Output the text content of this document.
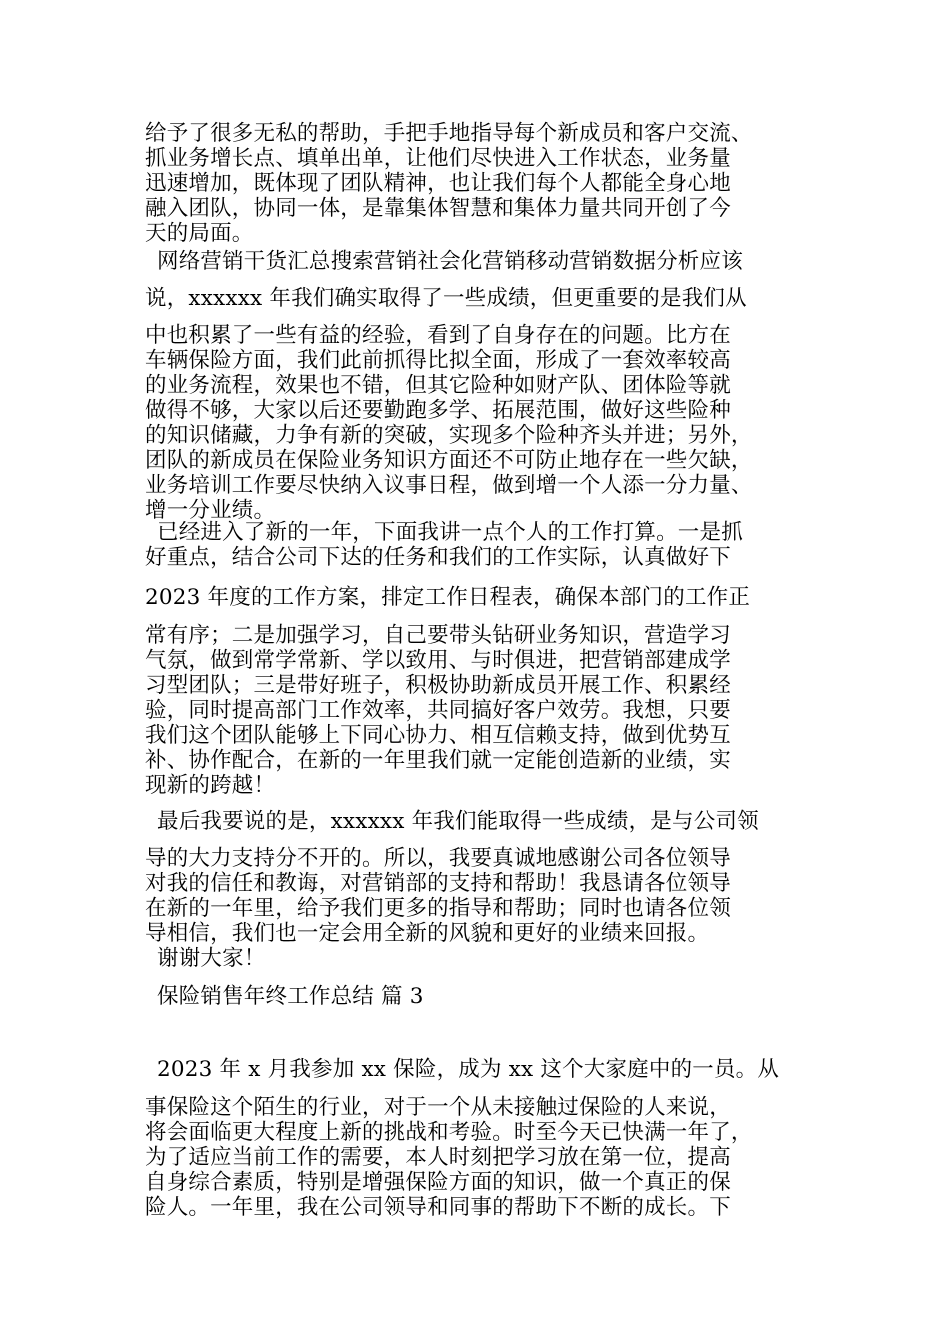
给予了很多无私的帮助，手把手地指导每个新成员和客户交流、
抓业务增长点、填单出单，让他们尽快进入工作状态，业务量
迅速增加，既体现了团队精神，也让我们每个人都能全身心地
融入团队，协同一体，是靠集体智慧和集体力量共同开创了今
天的局面。
网络营销干货汇总搜索营销社会化营销移动营销数据分析应该
说，xxxxxx 年我们确实取得了一些成绩，但更重要的是我们从
中也积累了一些有益的经验，看到了自身存在的问题。比方在
车辆保险方面，我们此前抓得比拟全面，形成了一套效率较高
的业务流程，效果也不错，但其它险种如财产队、团体险等就
做得不够，大家以后还要勤跑多学、拓展范围，做好这些险种
的知识储藏，力争有新的突破，实现多个险种齐头并进；另外，
团队的新成员在保险业务知识方面还不可防止地存在一些欠缺，
业务培训工作要尽快纳入议事日程，做到增一个人添一分力量、
增一分业绩。
已经进入了新的一年，下面我讲一点个人的工作打算。一是抓
好重点，结合公司下达的任务和我们的工作实际，认真做好下
2023 年度的工作方案，排定工作日程表，确保本部门的工作正
常有序；二是加强学习，自己要带头钻研业务知识，营造学习
气氛，做到常学常新、学以致用、与时俱进，把营销部建成学
习型团队；三是带好班子，积极协助新成员开展工作、积累经
验，同时提高部门工作效率，共同搞好客户效劳。我想，只要
我们这个团队能够上下同心协力、相互信赖支持，做到优势互
补、协作配合，在新的一年里我们就一定能创造新的业绩，实
现新的跨越！
最后我要说的是，xxxxxx 年我们能取得一些成绩，是与公司领
导的大力支持分不开的。所以，我要真诚地感谢公司各位领导
对我的信任和教诲，对营销部的支持和帮助！我恳请各位领导
在新的一年里，给予我们更多的指导和帮助；同时也请各位领
导相信，我们也一定会用全新的风貌和更好的业绩来回报。
谢谢大家！
保险销售年终工作总结 篇 3
2023 年 x 月我参加 xx 保险，成为 xx 这个大家庭中的一员。从
事保险这个陌生的行业，对于一个从未接触过保险的人来说，
将会面临更大程度上新的挑战和考验。时至今天已快满一年了，
为了适应当前工作的需要，本人时刻把学习放在第一位，提高
自身综合素质，特别是增强保险方面的知识，做一个真正的保
险人。一年里，我在公司领导和同事的帮助下不断的成长。下
